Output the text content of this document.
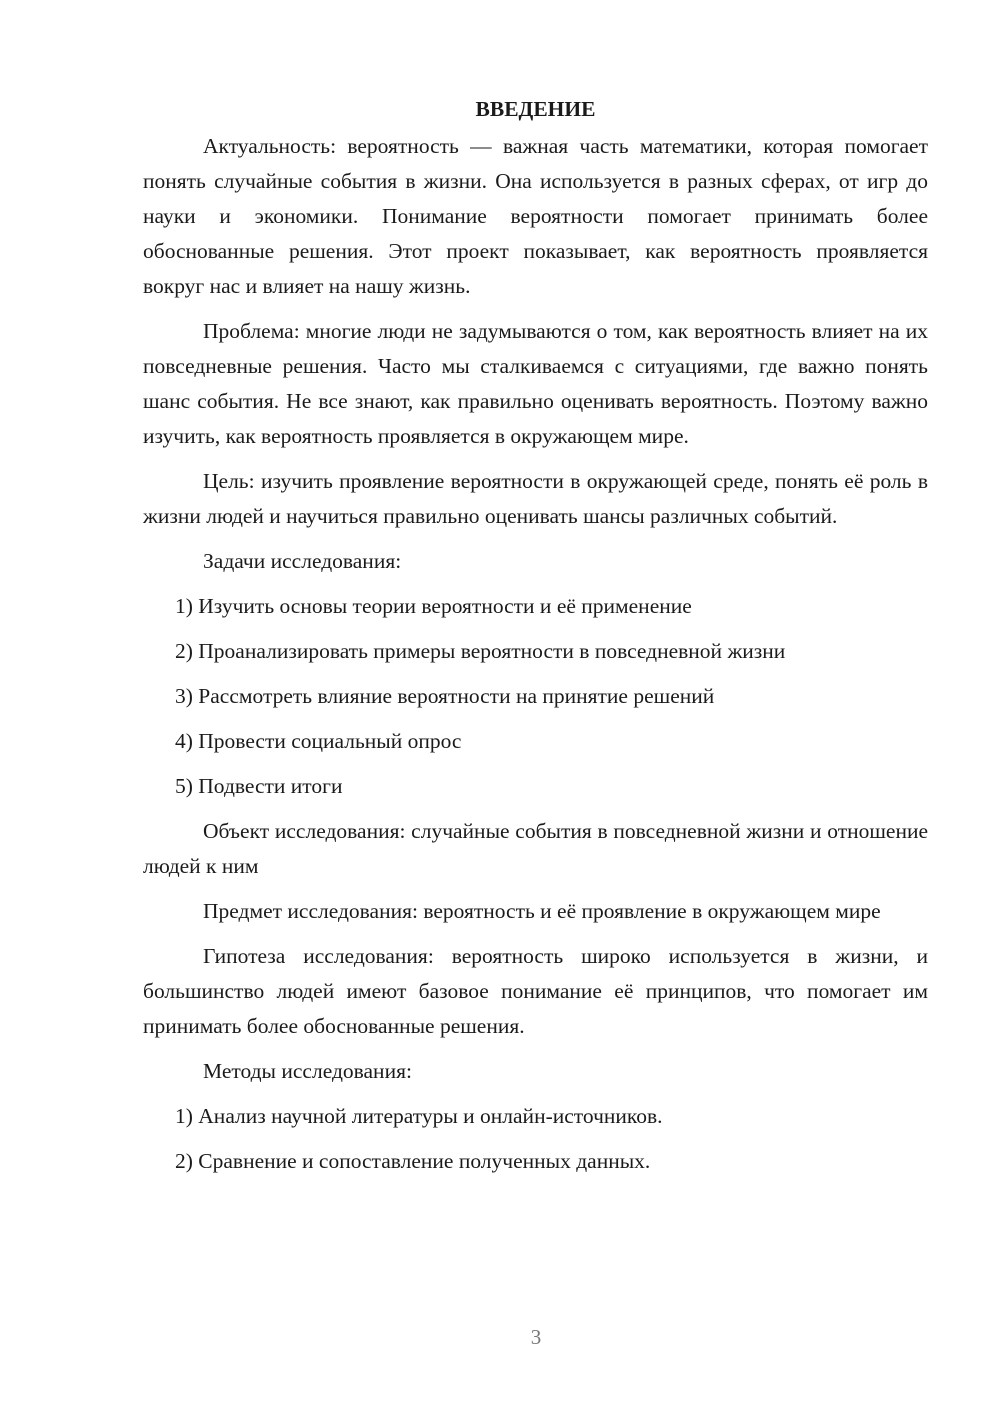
ВВЕДЕНИЕ
Актуальность: вероятность — важная часть математики, которая помогает понять случайные события в жизни. Она используется в разных сферах, от игр до науки и экономики. Понимание вероятности помогает принимать более обоснованные решения. Этот проект показывает, как вероятность проявляется вокруг нас и влияет на нашу жизнь.
Проблема: многие люди не задумываются о том, как вероятность влияет на их повседневные решения. Часто мы сталкиваемся с ситуациями, где важно понять шанс события. Не все знают, как правильно оценивать вероятность. Поэтому важно изучить, как вероятность проявляется в окружающем мире.
Цель: изучить проявление вероятности в окружающей среде, понять её роль в жизни людей и научиться правильно оценивать шансы различных событий.
Задачи исследования:
1) Изучить основы теории вероятности и её применение
2) Проанализировать примеры вероятности в повседневной жизни
3) Рассмотреть влияние вероятности на принятие решений
4) Провести социальный опрос
5) Подвести итоги
Объект исследования: случайные события в повседневной жизни и отношение людей к ним
Предмет исследования: вероятность и её проявление в окружающем мире
Гипотеза исследования: вероятность широко используется в жизни, и большинство людей имеют базовое понимание её принципов, что помогает им принимать более обоснованные решения.
Методы исследования:
1) Анализ научной литературы и онлайн-источников.
2) Сравнение и сопоставление полученных данных.
3
